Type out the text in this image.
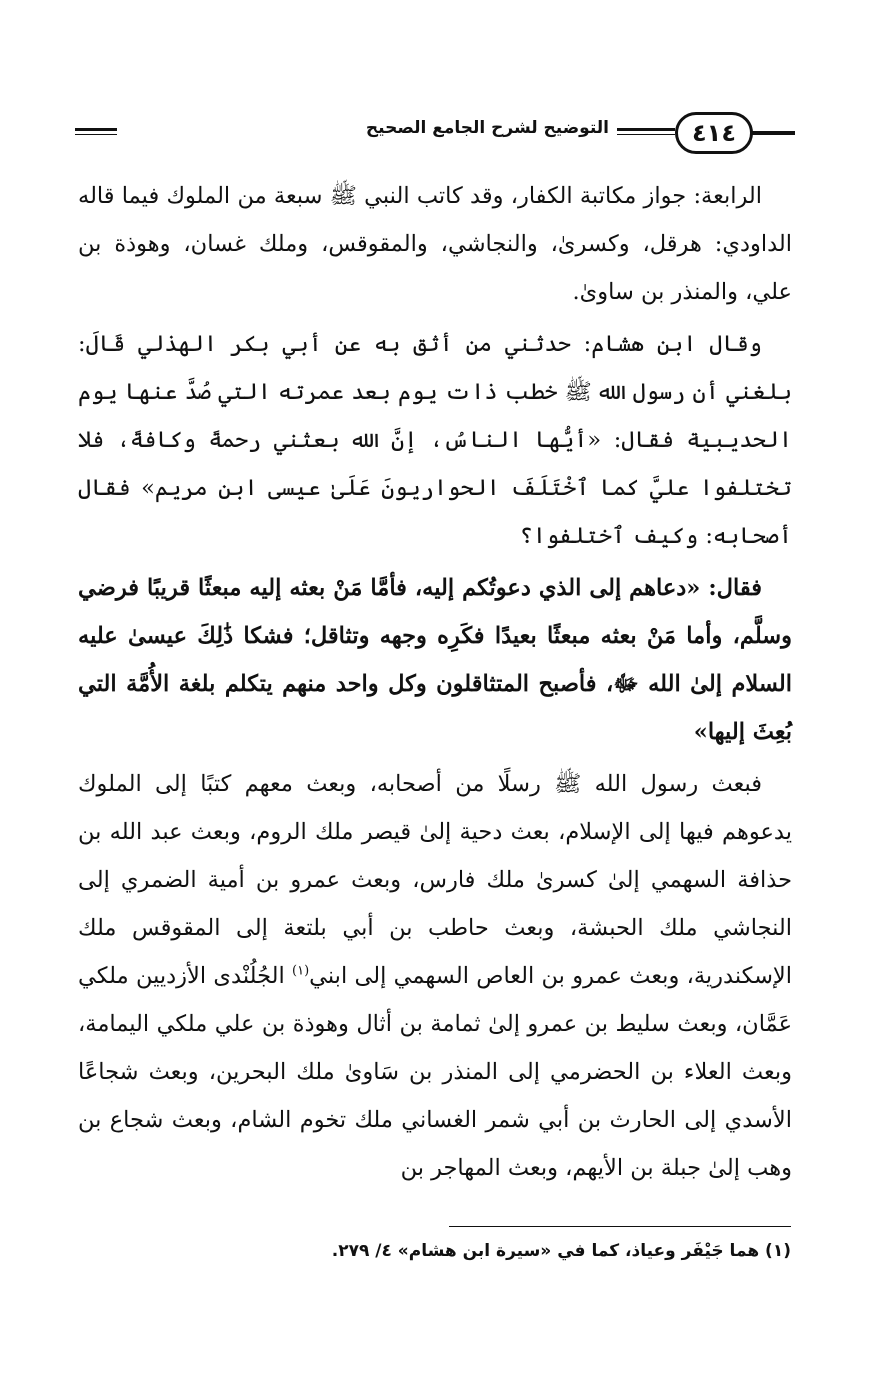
التوضيح لشرح الجامع الصحيح	٤١٤

الرابعة: جواز مكاتبة الكفار، وقد كاتب النبي ﷺ سبعة من الملوك فيما قاله الداودي: هرقل، وكسرىٰ، والنجاشي، والمقوقس، وملك غسان، وهوذة بن علي، والمنذر بن ساوىٰ.

وقال ابن هشام: حدثني من أثق به عن أبي بكر الهذلي قَالَ: بلغني أن رسول الله ﷺ خطب ذات يوم بعد عمرته التي صُدَّ عنها يوم الحديبية فقال: «أيُّها الناسُ، إنَّ الله بعثني رحمةً وكافةً، فلا تختلفوا عليَّ كما ٱخْتَلَفَ الحواريونَ عَلَىٰ عيسى ابن مريم» فقال أصحابه: وكيف ٱختلفوا؟

فقال: «دعاهم إلى الذي دعوتُكم إليه، فأمَّا مَنْ بعثه إليه مبعثًا قريبًا فرضي وسلَّم، وأما مَنْ بعثه مبعثًا بعيدًا فكَرِه وجهه وتثاقل؛ فشكا ذَٰلِكَ عيسىٰ عليه السلام إلىٰ الله ﷻ، فأصبح المتثاقلون وكل واحد منهم يتكلم بلغة الأُمَّة التي بُعِثَ إليها»

فبعث رسول الله ﷺ رسلًا من أصحابه، وبعث معهم كتبًا إلى الملوك يدعوهم فيها إلى الإسلام، بعث دحية إلىٰ قيصر ملك الروم، وبعث عبد الله بن حذافة السهمي إلىٰ كسرىٰ ملك فارس، وبعث عمرو بن أمية الضمري إلى النجاشي ملك الحبشة، وبعث حاطب بن أبي بلتعة إلى المقوقس ملك الإسكندرية، وبعث عمرو بن العاص السهمي إلى ابني$^{(١)}$ الجُلُنْدى الأزديين ملكي عَمَّان، وبعث سليط بن عمرو إلىٰ ثمامة بن أثال وهوذة بن علي ملكي اليمامة، وبعث العلاء بن الحضرمي إلى المنذر بن سَاوىٰ ملك البحرين، وبعث شجاعًا الأسدي إلى الحارث بن أبي شمر الغساني ملك تخوم الشام، وبعث شجاع بن وهب إلىٰ جبلة بن الأيهم، وبعث المهاجر بن

(١) هما جَيْفَر وعياذ، كما في «سيرة ابن هشام» ٤/ ٢٧٩.
